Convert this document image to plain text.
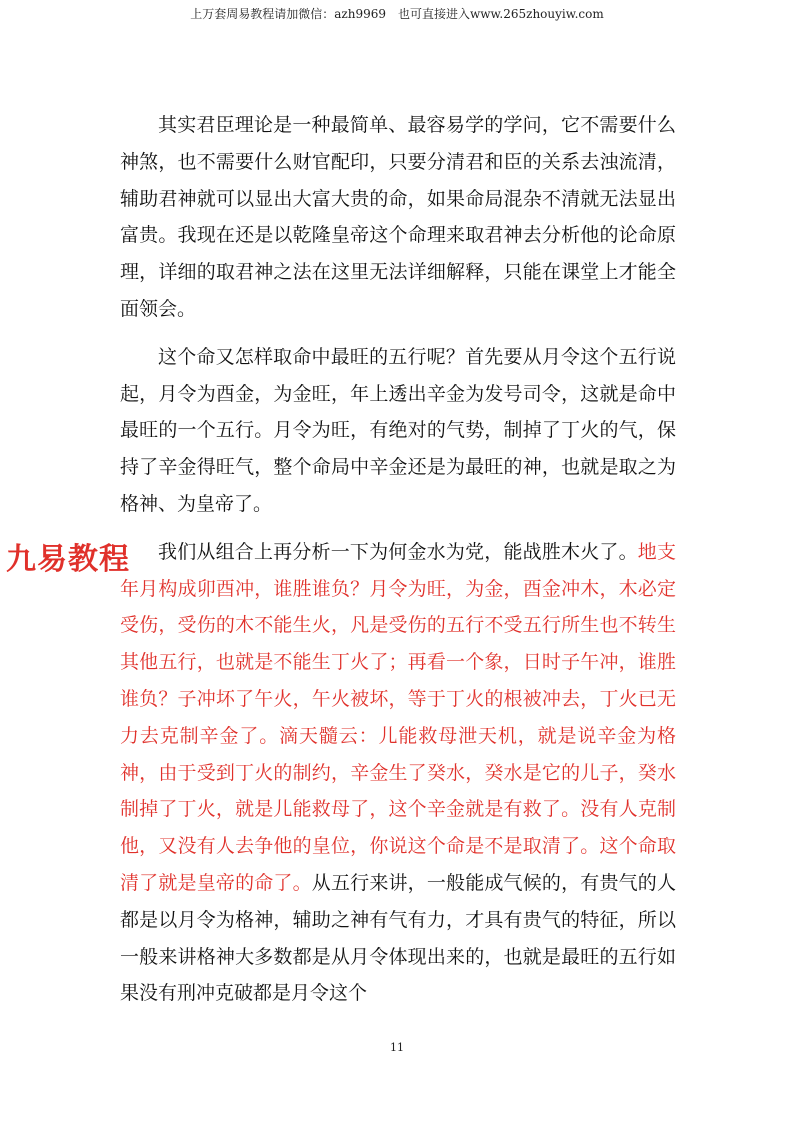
上万套周易教程请加微信：azh9969　也可直接进入www.265zhouyiw.com
九易教程

其实君臣理论是一种最简单、最容易学的学问，它不需要什么神煞，也不需要什么财官配印，只要分清君和臣的关系去浊流清，辅助君神就可以显出大富大贵的命，如果命局混杂不清就无法显出富贵。我现在还是以乾隆皇帝这个命理来取君神去分析他的论命原理，详细的取君神之法在这里无法详细解释，只能在课堂上才能全面领会。

这个命又怎样取命中最旺的五行呢？首先要从月令这个五行说起，月令为酉金，为金旺，年上透出辛金为发号司令，这就是命中最旺的一个五行。月令为旺，有绝对的气势，制掉了丁火的气，保持了辛金得旺气，整个命局中辛金还是为最旺的神，也就是取之为格神、为皇帝了。

我们从组合上再分析一下为何金水为党，能战胜木火了。地支年月构成卯酉冲，谁胜谁负？月令为旺，为金，酉金冲木，木必定受伤，受伤的木不能生火，凡是受伤的五行不受五行所生也不转生其他五行，也就是不能生丁火了；再看一个象，日时子午冲，谁胜谁负？子冲坏了午火，午火被坏，等于丁火的根被冲去，丁火已无力去克制辛金了。滴天髓云：儿能救母泄天机，就是说辛金为格神，由于受到丁火的制约，辛金生了癸水，癸水是它的儿子，癸水制掉了丁火，就是儿能救母了，这个辛金就是有救了。没有人克制他，又没有人去争他的皇位，你说这个命是不是取清了。这个命取清了就是皇帝的命了。从五行来讲，一般能成气候的，有贵气的人都是以月令为格神，辅助之神有气有力，才具有贵气的特征，所以一般来讲格神大多数都是从月令体现出来的，也就是最旺的五行如果没有刑冲克破都是月令这个

11
